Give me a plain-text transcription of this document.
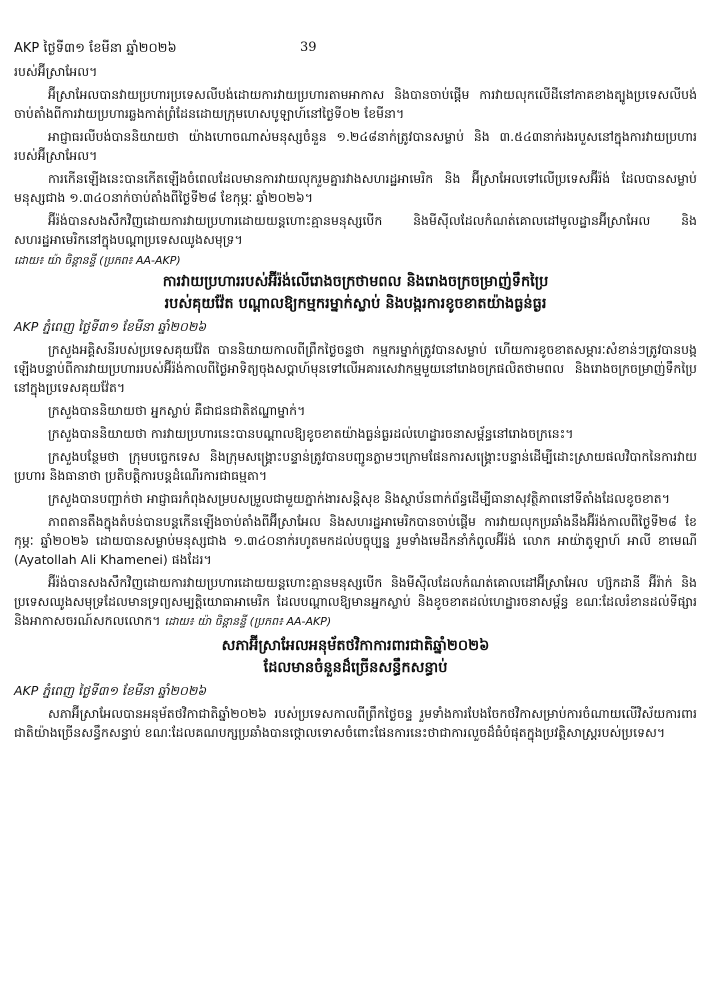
AKP ថ្ងៃទី៣១ ខែមីនា ឆ្នាំ២០២៦	39

របស់អ៊ីស្រាអែល។

អ៊ីស្រាអែលបានវាយប្រហារប្រទេសលីបង់ដោយការវាយប្រហារតាមអាកាស និងបានចាប់ផ្ដើម ការវាយលុកលើដីនៅភាគខាងត្បូងប្រទេសលីបង់ ចាប់តាំងពីការវាយប្រហារឆ្លងកាត់ព្រំដែនដោយក្រុមហេសបូឡាហ៍នៅថ្ងៃទី០២ ខែមីនា។

អាជ្ញាធរលីបង់បាននិយាយថា យ៉ាងហោចណាស់មនុស្សចំនួន ១.២៤៨នាក់ត្រូវបានសម្លាប់ និង ៣.៥៤៣នាក់រងរបួសនៅក្នុងការវាយប្រហាររបស់អ៊ីស្រាអែល។

ការកើនឡើងនេះបានកើតឡើងចំពេលដែលមានការវាយលុករួមគ្នារវាងសហរដ្ឋអាមេរិក និង អ៊ីស្រាអែលទៅលើប្រទេសអ៊ីរ៉ង់ ដែលបានសម្លាប់មនុស្សជាង ១.៣៤០នាក់ចាប់តាំងពីថ្ងៃទី២៨ ខែកុម្ភៈ ឆ្នាំ២០២៦។

អ៊ីរ៉ង់បានសងសឹកវិញដោយការវាយប្រហារដោយយន្តហោះគ្មានមនុស្សបើក និងមីស៊ីលដែលកំណត់គោលដៅមូលដ្ឋានអ៊ីស្រាអែល និងសហរដ្ឋអាមេរិកនៅក្នុងបណ្ដាប្រទេសឈូងសមុទ្រ។

ដោយ៖ យ៉ា ចិន្ដានន្ទី (ប្រភព៖ AA-AKP)

ការវាយប្រហាររបស់អ៊ីរ៉ង់លើរោងចក្រថាមពល និងរោងចក្រចម្រាញ់ទឹកប្រៃ
របស់គុយវ៉ែត បណ្ដាលឱ្យកម្មករម្នាក់ស្លាប់ និងបង្ករការខូចខាតយ៉ាងធ្ងន់ធ្ងរ

AKP ភ្នំពេញ ថ្ងៃទី៣១ ខែមីនា ឆ្នាំ២០២៦

ក្រសួងអគ្គិសនីរបស់ប្រទេសគុយវ៉ែត បាននិយាយកាលពីព្រឹកថ្ងៃចន្ទថា កម្មករម្នាក់ត្រូវបានសម្លាប់ ហើយការខូចខាតសម្ភារៈសំខាន់ៗត្រូវបានបង្កឡើងបន្ទាប់ពីការវាយប្រហាររបស់អ៊ីរ៉ង់កាលពីថ្ងៃអាទិត្យចុងសប្ដាហ៍មុនទៅលើអគារសេវាកម្មមួយនៅរោងចក្រផលិតថាមពល និងរោងចក្រចម្រាញ់ទឹកប្រៃនៅក្នុងប្រទេសគុយវ៉ែត។

ក្រសួងបាននិយាយថា អ្នកស្លាប់ គឺជាជនជាតិឥណ្ឌាម្នាក់។

ក្រសួងបាននិយាយថា ការវាយប្រហារនេះបានបណ្ដាលឱ្យខូចខាតយ៉ាងធ្ងន់ធ្ងរដល់ហេដ្ឋារចនាសម្ព័ន្ធនៅរោងចក្រនេះ។

ក្រសួងបន្ថែមថា ក្រុមបច្ចេកទេស និងក្រុមសង្គ្រោះបន្ទាន់ត្រូវបានបញ្ជូនភ្លាមៗក្រោមផែនការសង្គ្រោះបន្ទាន់ដើម្បីដោះស្រាយផលវិបាកនៃការវាយប្រហារ និងធានាថា ប្រតិបត្តិការបន្តដំណើរការជាធម្មតា។

ក្រសួងបានបញ្ជាក់ថា អាជ្ញាធរកំពុងសម្របសម្រួលជាមួយភ្នាក់ងារសន្តិសុខ និងស្ថាប័នពាក់ព័ន្ធដើម្បីធានាសុវត្ថិភាពនៅទីតាំងដែលខូចខាត។

ភាពតានតឹងក្នុងតំបន់បានបន្តកើនឡើងចាប់តាំងពីអ៊ីស្រាអែល និងសហរដ្ឋអាមេរិកបានចាប់ផ្ដើម ការវាយលុកប្រឆាំងនឹងអ៊ីរ៉ង់កាលពីថ្ងៃទី២៨ ខែកុម្ភៈ ឆ្នាំ២០២៦ ដោយបានសម្លាប់មនុស្សជាង ១.៣៤០នាក់រហូតមកដល់បច្ចុប្បន្ន រួមទាំងមេដឹកនាំកំពូលអ៊ីរ៉ង់ លោក អាយ៉ាតូឡាហ៍ អាលី ខាមេណី (Ayatollah Ali Khamenei) ផងដែរ។

អ៊ីរ៉ង់បានសងសឹកវិញដោយការវាយប្រហារដោយយន្តហោះគ្មានមនុស្សបើក និងមីស៊ីលដែលកំណត់គោលដៅអ៊ីស្រាអែល ហ្ស៊កដានី អ៊ីរ៉ាក់ និងប្រទេសឈូងសមុទ្រដែលមានទ្រព្យសម្បត្តិយោធាអាមេរិក ដែលបណ្ដាលឱ្យមានអ្នកស្លាប់ និងខូចខាតដល់ហេដ្ឋារចនាសម្ព័ន្ធ ខណៈដែលរំខានដល់ទីផ្សារ និងអាកាសចរណ៍សកលលោក។ ដោយ៖ យ៉ា ចិន្ដានន្ទី (ប្រភព៖ AA-AKP)

សភាអ៊ីស្រាអែលអនុម័តថវិកាការពារជាតិឆ្នាំ២០២៦
ដែលមានចំនួនដ៏ច្រើនសន្ធឹកសន្ធាប់

AKP ភ្នំពេញ ថ្ងៃទី៣១ ខែមីនា ឆ្នាំ២០២៦

សភាអ៊ីស្រាអែលបានអនុម័តថវិកាជាតិឆ្នាំ២០២៦ របស់ប្រទេសកាលពីព្រឹកថ្ងៃចន្ទ រួមទាំងការបែងចែកថវិកាសម្រាប់ការចំណាយលើវិស័យការពារជាតិយ៉ាងច្រើនសន្ធឹកសន្ធាប់ ខណៈដែលគណបក្សប្រឆាំងបានថ្កោលទោសចំពោះផែនការនេះថាជាការលួចដ៏ធំបំផុតក្នុងប្រវត្តិសាស្ត្ររបស់ប្រទេស។
